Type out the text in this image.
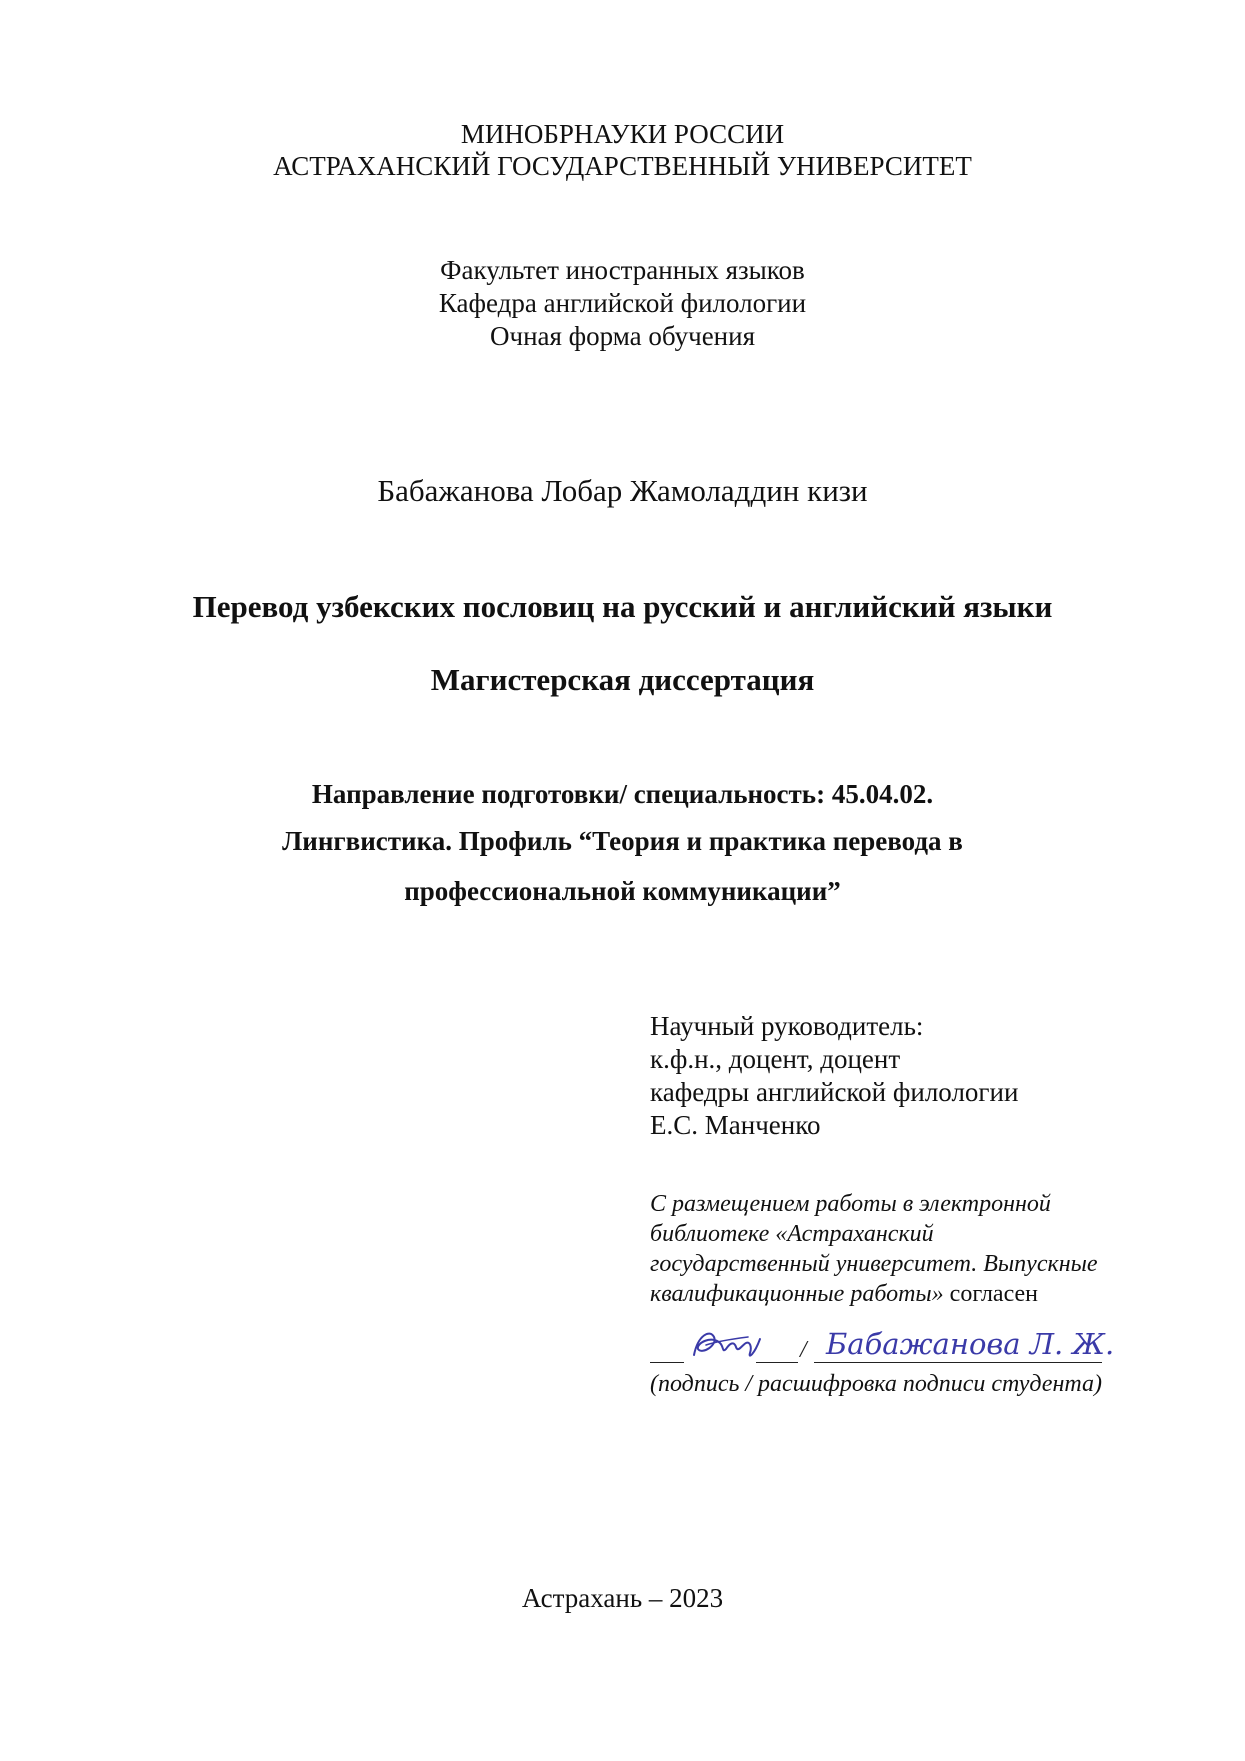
МИНОБРНАУКИ РОССИИ
АСТРАХАНСКИЙ ГОСУДАРСТВЕННЫЙ УНИВЕРСИТЕТ
Факультет иностранных языков
Кафедра английской филологии
Очная форма обучения
Бабажанова Лобар Жамоладдин кизи
Перевод узбекских пословиц на русский и английский языки
Магистерская диссертация
Направление подготовки/ специальность: 45.04.02.
Лингвистика. Профиль “Теория и практика перевода в
профессиональной коммуникации”
Научный руководитель:
к.ф.н., доцент, доцент
кафедры английской филологии
Е.С. Манченко
С размещением работы в электронной
библиотеке «Астраханский
государственный университет. Выпускные
квалификационные работы» согласен
/ Бабажанова Л. Ж.
(подпись / расшифровка подписи студента)
Астрахань – 2023
